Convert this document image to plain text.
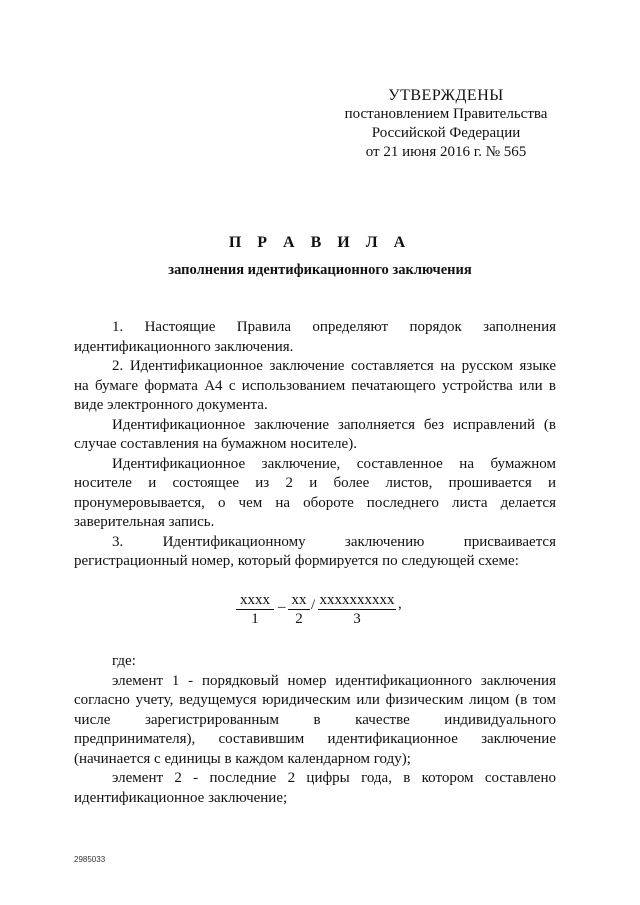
УТВЕРЖДЕНЫ
постановлением Правительства
Российской Федерации
от 21 июня 2016 г. № 565
П Р А В И Л А
заполнения идентификационного заключения

1. Настоящие Правила определяют порядок заполнения идентификационного заключения.

2. Идентификационное заключение составляется на русском языке на бумаге формата А4 с использованием печатающего устройства или в виде электронного документа.

Идентификационное заключение заполняется без исправлений (в случае составления на бумажном носителе).

Идентификационное заключение, составленное на бумажном носителе и состоящее из 2 и более листов, прошивается и пронумеровывается, о чем на обороте последнего листа делается заверительная запись.

3. Идентификационному заключению присваивается регистрационный номер, который формируется по следующей схеме:

хххх
1
– хх
2
/ хххххххххх
3
,

где:

элемент 1 - порядковый номер идентификационного заключения согласно учету, ведущемуся юридическим или физическим лицом (в том числе зарегистрированным в качестве индивидуального предпринимателя), составившим идентификационное заключение (начинается с единицы в каждом календарном году);

элемент 2 - последние 2 цифры года, в котором составлено идентификационное заключение;

2985033
